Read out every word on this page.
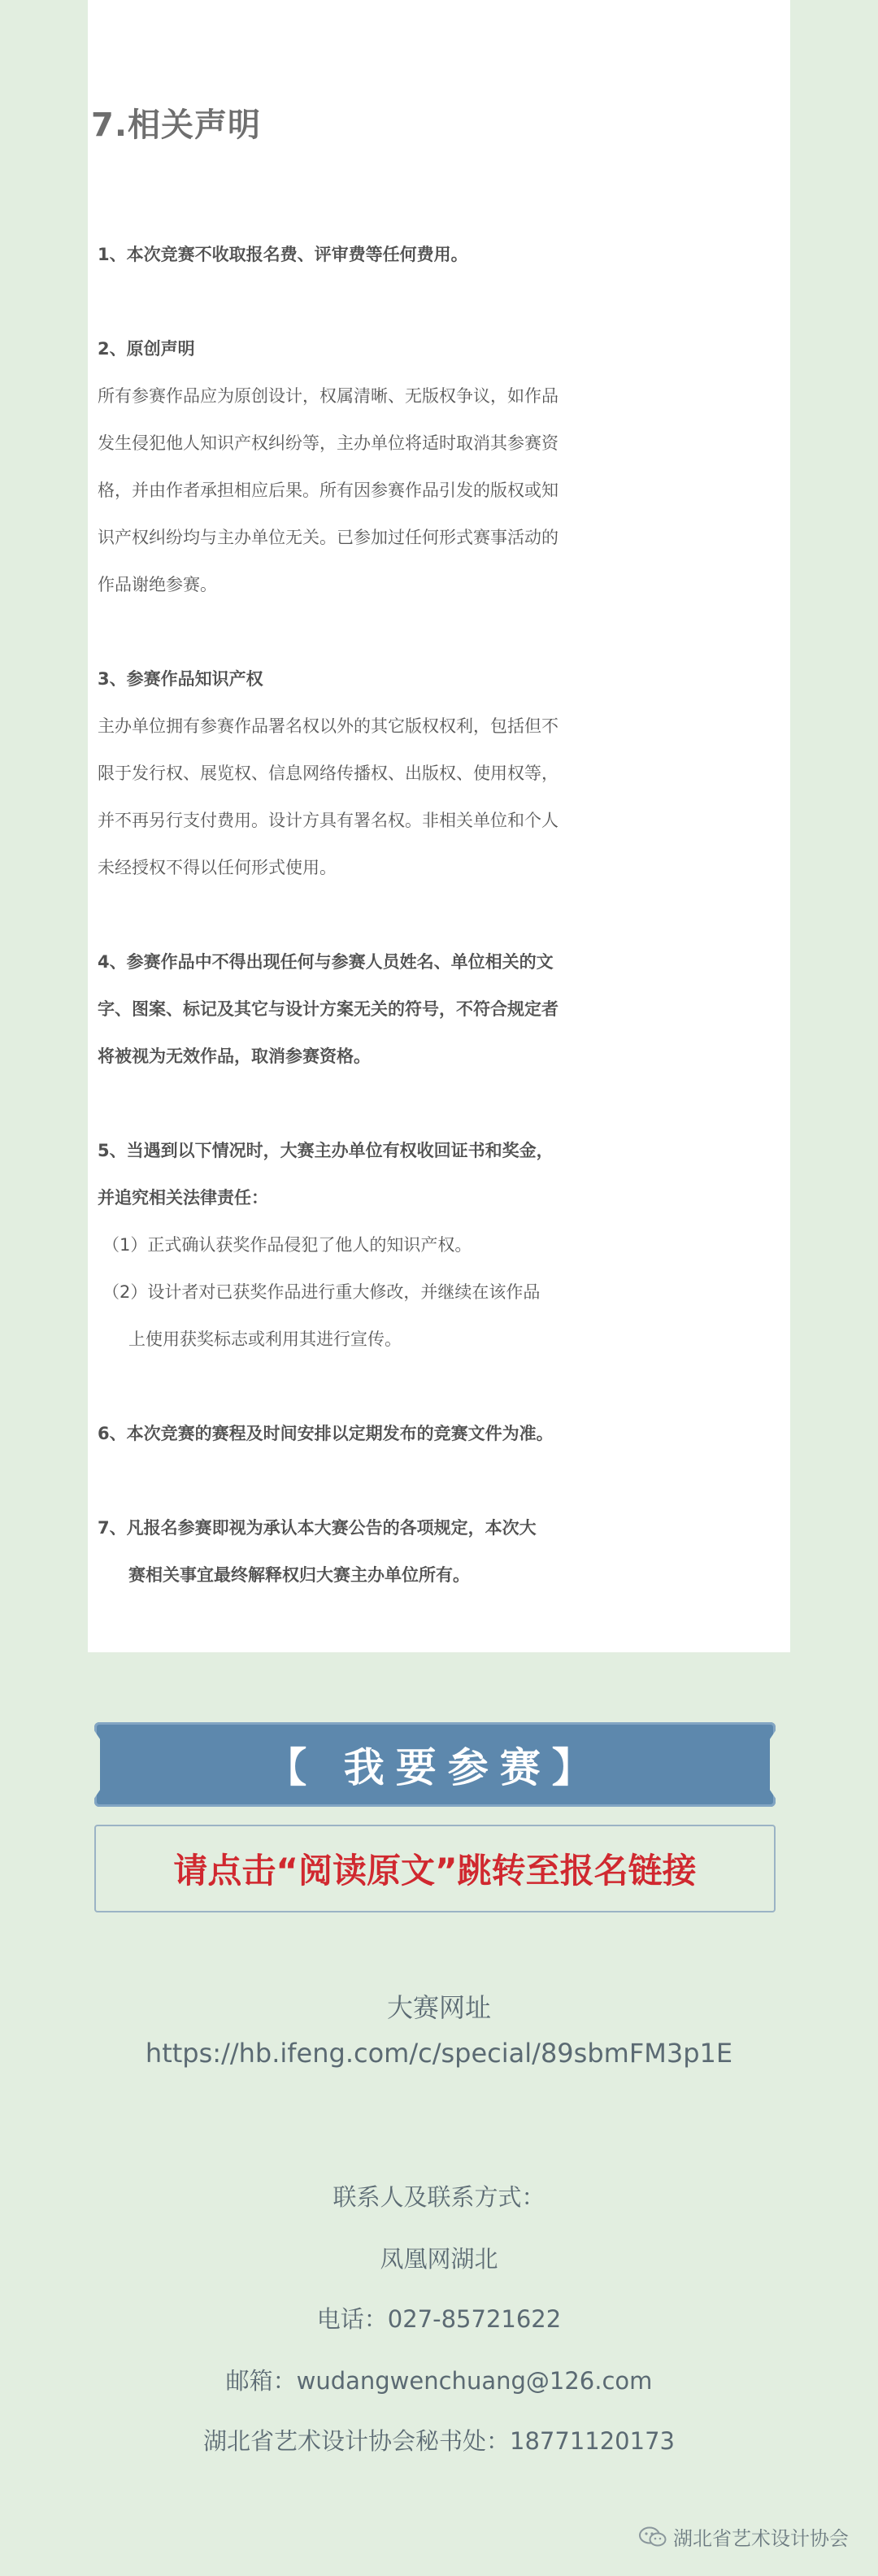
7.相关声明

1、本次竞赛不收取报名费、评审费等任何费用。

2、原创声明

所有参赛作品应为原创设计，权属清晰、无版权争议，如作品

发生侵犯他人知识产权纠纷等，主办单位将适时取消其参赛资

格，并由作者承担相应后果。所有因参赛作品引发的版权或知

识产权纠纷均与主办单位无关。已参加过任何形式赛事活动的

作品谢绝参赛。

3、参赛作品知识产权

主办单位拥有参赛作品署名权以外的其它版权权利，包括但不

限于发行权、展览权、信息网络传播权、出版权、使用权等，

并不再另行支付费用。设计方具有署名权。非相关单位和个人

未经授权不得以任何形式使用。

4、参赛作品中不得出现任何与参赛人员姓名、单位相关的文

字、图案、标记及其它与设计方案无关的符号，不符合规定者

将被视为无效作品，取消参赛资格。

5、当遇到以下情况时，大赛主办单位有权收回证书和奖金，

并追究相关法律责任：

（1）正式确认获奖作品侵犯了他人的知识产权。

（2）设计者对已获奖作品进行重大修改，并继续在该作品

上使用获奖标志或利用其进行宣传。

6、本次竞赛的赛程及时间安排以定期发布的竞赛文件为准。

7、凡报名参赛即视为承认本大赛公告的各项规定，本次大

赛相关事宜最终解释权归大赛主办单位所有。

【 我要参赛】
请点击“阅读原文”跳转至报名链接
大赛网址
https://hb.ifeng.com/c/special/89sbmFM3p1E
联系人及联系方式：
凤凰网湖北
电话：027-85721622
邮箱：wudangwenchuang@126.com
湖北省艺术设计协会秘书处：18771120173
湖北省艺术设计协会
